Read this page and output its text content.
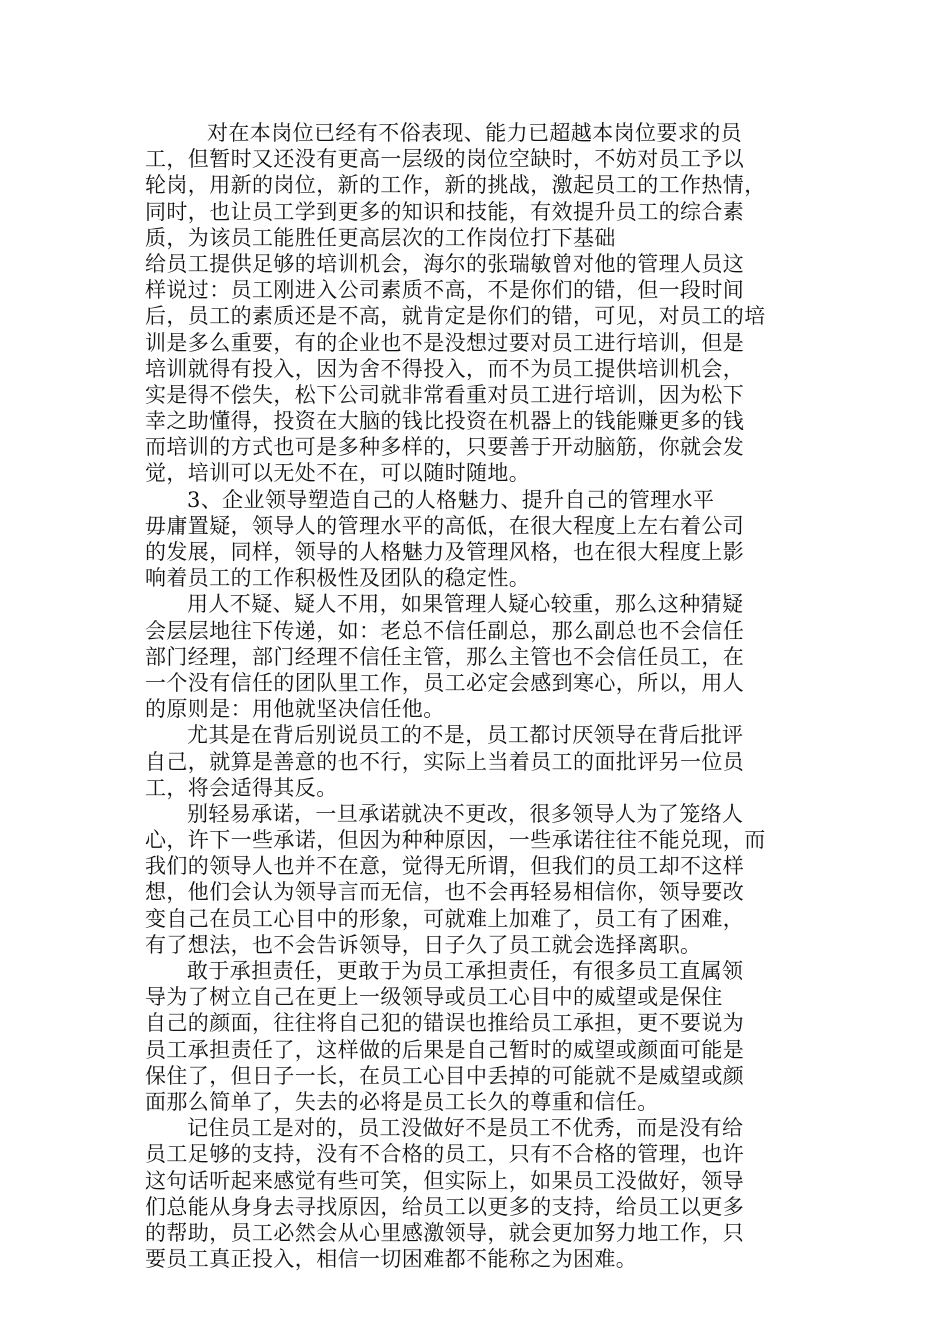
对在本岗位已经有不俗表现、能力已超越本岗位要求的员
工，但暂时又还没有更高一层级的岗位空缺时，不妨对员工予以
轮岗，用新的岗位，新的工作，新的挑战，激起员工的工作热情，
同时，也让员工学到更多的知识和技能，有效提升员工的综合素
质，为该员工能胜任更高层次的工作岗位打下基础
给员工提供足够的培训机会，海尔的张瑞敏曾对他的管理人员这
样说过：员工刚进入公司素质不高，不是你们的错，但一段时间
后，员工的素质还是不高，就肯定是你们的错，可见，对员工的培
训是多么重要，有的企业也不是没想过要对员工进行培训，但是
培训就得有投入，因为舍不得投入，而不为员工提供培训机会，
实是得不偿失，松下公司就非常看重对员工进行培训，因为松下
幸之助懂得，投资在大脑的钱比投资在机器上的钱能赚更多的钱
而培训的方式也可是多种多样的，只要善于开动脑筋，你就会发
觉，培训可以无处不在，可以随时随地。
3、企业领导塑造自己的人格魅力、提升自己的管理水平
毋庸置疑，领导人的管理水平的高低，在很大程度上左右着公司
的发展，同样，领导的人格魅力及管理风格，也在很大程度上影
响着员工的工作积极性及团队的稳定性。
用人不疑、疑人不用，如果管理人疑心较重，那么这种猜疑
会层层地往下传递，如：老总不信任副总，那么副总也不会信任
部门经理，部门经理不信任主管，那么主管也不会信任员工，在
一个没有信任的团队里工作，员工必定会感到寒心，所以，用人
的原则是：用他就坚决信任他。
尤其是在背后别说员工的不是，员工都讨厌领导在背后批评
自己，就算是善意的也不行，实际上当着员工的面批评另一位员
工，将会适得其反。
别轻易承诺，一旦承诺就决不更改，很多领导人为了笼络人
心，许下一些承诺，但因为种种原因，一些承诺往往不能兑现，而
我们的领导人也并不在意，觉得无所谓，但我们的员工却不这样
想，他们会认为领导言而无信，也不会再轻易相信你，领导要改
变自己在员工心目中的形象，可就难上加难了，员工有了困难，
有了想法，也不会告诉领导，日子久了员工就会选择离职。
敢于承担责任，更敢于为员工承担责任，有很多员工直属领
导为了树立自己在更上一级领导或员工心目中的威望或是保住
自己的颜面，往往将自己犯的错误也推给员工承担，更不要说为
员工承担责任了，这样做的后果是自己暂时的威望或颜面可能是
保住了，但日子一长，在员工心目中丢掉的可能就不是威望或颜
面那么简单了，失去的必将是员工长久的尊重和信任。
记住员工是对的，员工没做好不是员工不优秀，而是没有给
员工足够的支持，没有不合格的员工，只有不合格的管理，也许
这句话听起来感觉有些可笑，但实际上，如果员工没做好，领导
们总能从身身去寻找原因，给员工以更多的支持，给员工以更多
的帮助，员工必然会从心里感激领导，就会更加努力地工作，只
要员工真正投入，相信一切困难都不能称之为困难。
